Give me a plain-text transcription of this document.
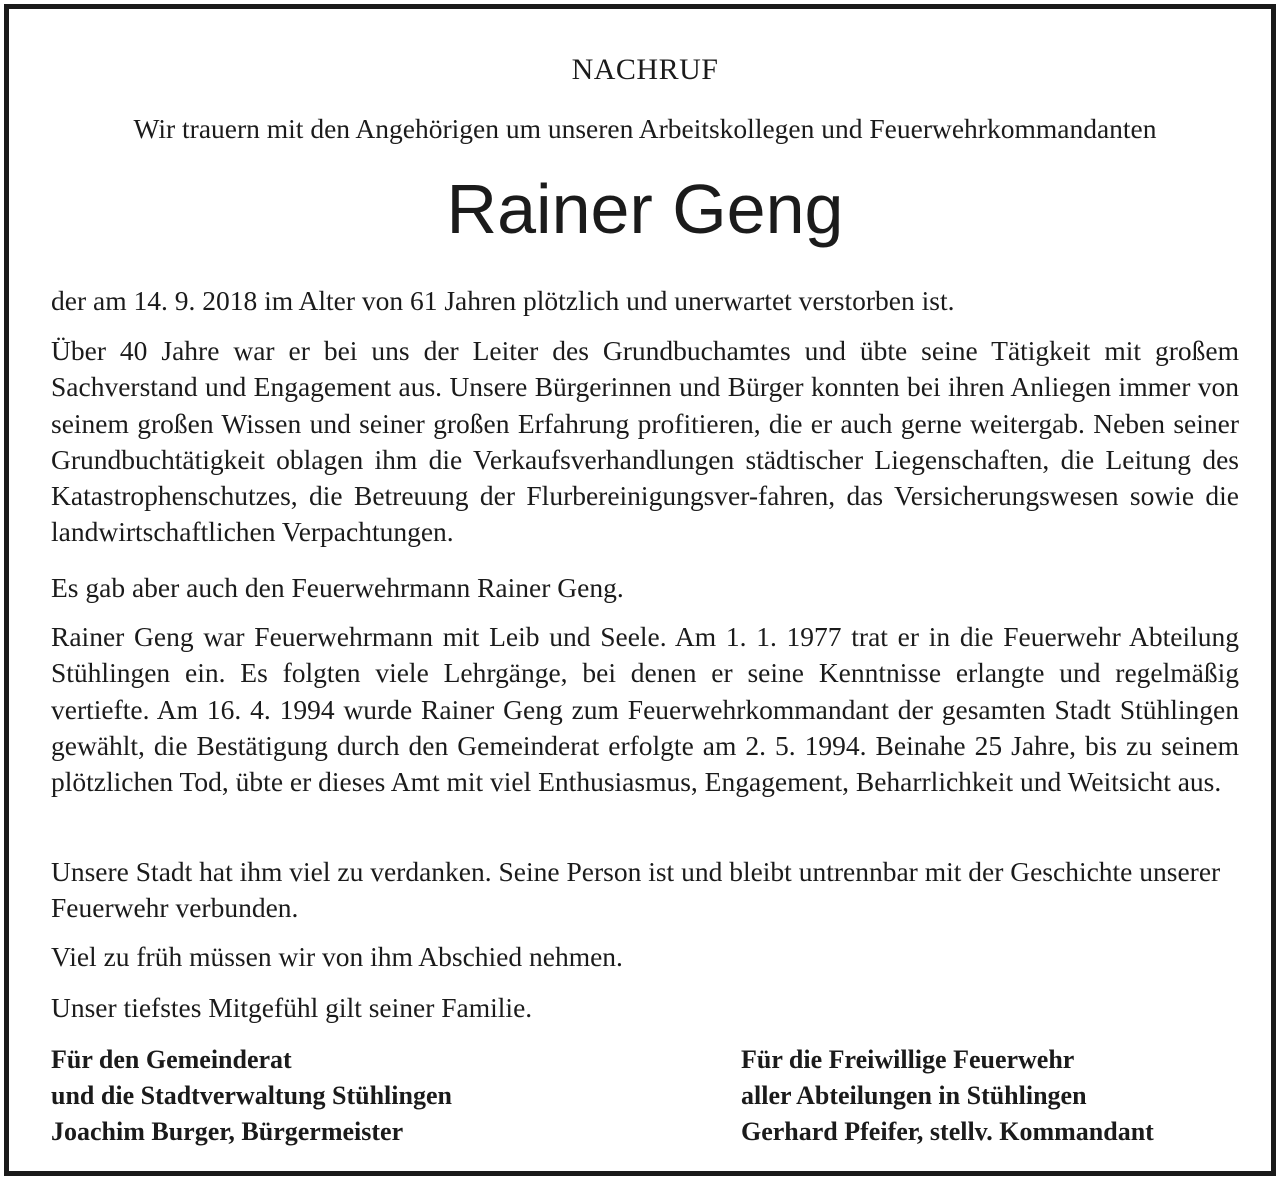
NACHRUF
Wir trauern mit den Angehörigen um unseren Arbeitskollegen und Feuerwehrkommandanten
Rainer Geng

der am 14. 9. 2018 im Alter von 61 Jahren plötzlich und unerwartet verstorben ist.

Über 40 Jahre war er bei uns der Leiter des Grundbuchamtes und übte seine Tätigkeit mit großem Sachverstand und Engagement aus. Unsere Bürgerinnen und Bürger konnten bei ihren Anliegen immer von seinem großen Wissen und seiner großen Erfahrung profitieren, die er auch gerne weitergab. Neben seiner Grundbuchtätigkeit oblagen ihm die Verkaufsverhandlungen städtischer Liegenschaften, die Leitung des Katastrophenschutzes, die Betreuung der Flurbereinigungsver-fahren, das Versicherungswesen sowie die landwirtschaftlichen Verpachtungen.

Es gab aber auch den Feuerwehrmann Rainer Geng.

Rainer Geng war Feuerwehrmann mit Leib und Seele. Am 1. 1. 1977 trat er in die Feuerwehr Abteilung Stühlingen ein. Es folgten viele Lehrgänge, bei denen er seine Kenntnisse erlangte und regelmäßig vertiefte. Am 16. 4. 1994 wurde Rainer Geng zum Feuerwehrkommandant der gesamten Stadt Stühlingen gewählt, die Bestätigung durch den Gemeinderat erfolgte am 2. 5. 1994. Beinahe 25 Jahre, bis zu seinem plötzlichen Tod, übte er dieses Amt mit viel Enthusiasmus, Engagement, Beharrlichkeit und Weitsicht aus.

Unsere Stadt hat ihm viel zu verdanken. Seine Person ist und bleibt untrennbar mit der Geschichte unserer Feuerwehr verbunden.

Viel zu früh müssen wir von ihm Abschied nehmen.

Unser tiefstes Mitgefühl gilt seiner Familie.

Für den Gemeinderat
und die Stadtverwaltung Stühlingen
Joachim Burger, Bürgermeister
Für die Freiwillige Feuerwehr
aller Abteilungen in Stühlingen
Gerhard Pfeifer, stellv. Kommandant
